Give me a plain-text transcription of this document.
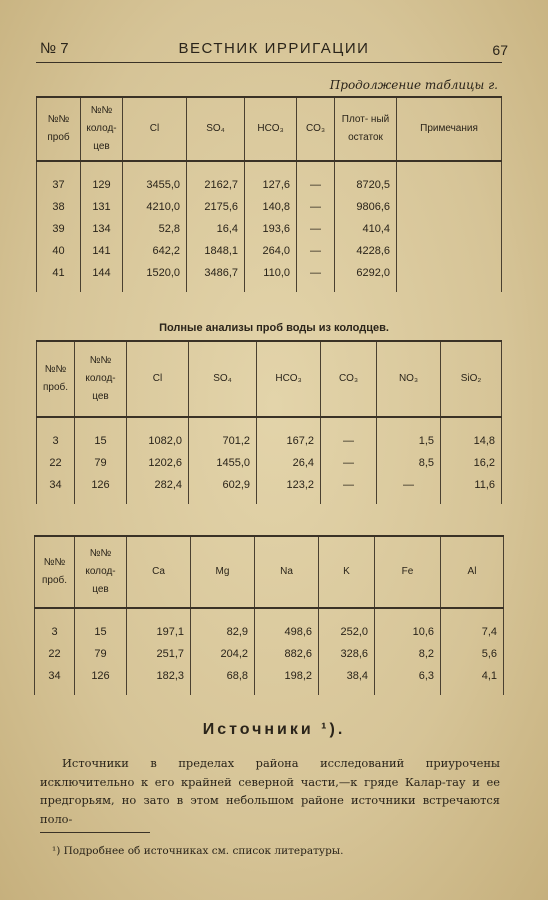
№ 7	ВЕСТНИК ИРРИГАЦИИ	67
Продолжение таблицы г.
№№ проб	№№ колод- цев	Cl	SO₄	HCO₃	CO₃	Плот- ный остаток	Примечания

37	129	3455,0	2162,7	127,6	—	8720,5	
38	131	4210,0	2175,6	140,8	—	9806,6	
39	134	52,8	16,4	193,6	—	410,4	
40	141	642,2	1848,1	264,0	—	4228,6	
41	144	1520,0	3486,7	110,0	—	6292,0	

Полные анализы проб воды из колодцев.
№№ проб.	№№ колод- цев	Cl	SO₄	HCO₃	CO₃	NO₃	SiO₂

3	15	1082,0	701,2	167,2	—	1,5	14,8
22	79	1202,6	1455,0	26,4	—	8,5	16,2
34	126	282,4	602,9	123,2	—	—	11,6

№№ проб.	№№ колод- цев	Ca	Mg	Na	K	Fe	Al

3	15	197,1	82,9	498,6	252,0	10,6	7,4
22	79	251,7	204,2	882,6	328,6	8,2	5,6
34	126	182,3	68,8	198,2	38,4	6,3	4,1

Источники ¹).
Источники в пределах района исследований приурочены исключительно к его крайней северной части,—к гряде Калар-тау и ее предгорьям, но зато в этом небольшом районе источники встречаются поло-
¹) Подробнее об источниках см. список литературы.
